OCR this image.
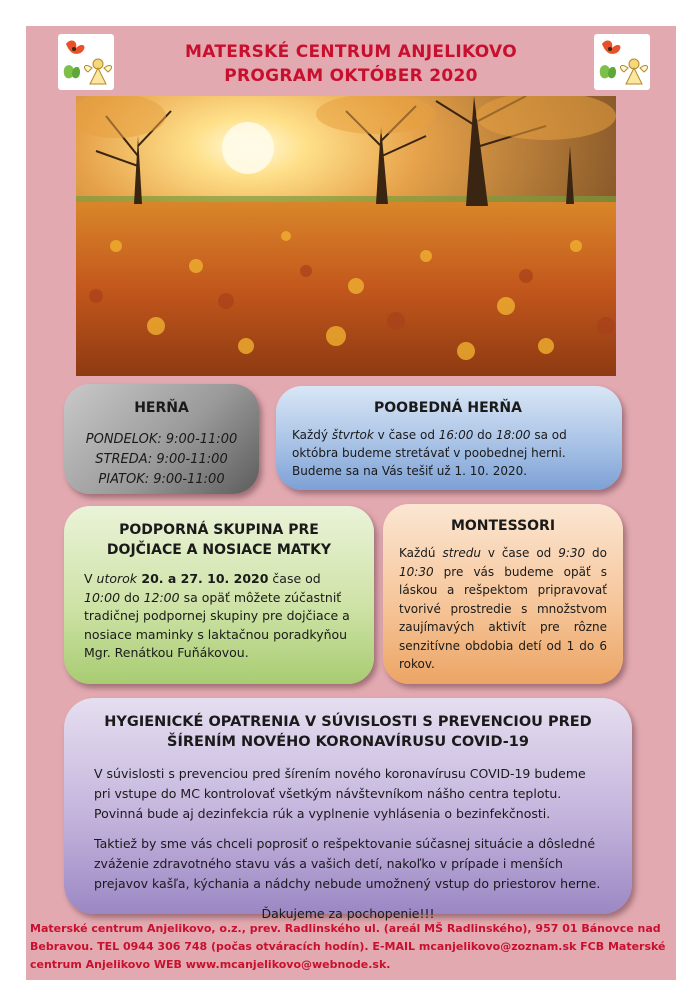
MATERSKÉ CENTRUM ANJELIKOVO
PROGRAM OKTÓBER 2020
HERŇA
PONDELOK: 9:00-11:00
STREDA: 9:00-11:00
PIATOK: 9:00-11:00
POOBEDNÁ HERŇA

Každý štvrtok v čase od 16:00 do 18:00 sa od októbra budeme stretávať v poobednej herni. Budeme sa na Vás tešiť už 1. 10. 2020.

PODPORNÁ SKUPINA PRE DOJČIACE A NOSIACE MATKY

V utorok 20. a 27. 10. 2020 čase od 10:00 do 12:00 sa opäť môžete zúčastniť tradičnej podpornej skupiny pre dojčiace a nosiace maminky s laktačnou poradkyňou Mgr. Renátkou Fuňákovou.

MONTESSORI

Každú stredu v čase od 9:30 do 10:30 pre vás budeme opäť s láskou a rešpektom pripravovať tvorivé prostredie s množstvom zaujímavých aktivít pre rôzne senzitívne obdobia detí od 1 do 6 rokov.

HYGIENICKÉ OPATRENIA V SÚVISLOSTI S PREVENCIOU PRED ŠÍRENÍM NOVÉHO KORONAVÍRUSU COVID-19

V súvislosti s prevenciou pred šírením nového koronavírusu COVID-19 budeme pri vstupe do MC kontrolovať všetkým návštevníkom nášho centra teplotu. Povinná bude aj dezinfekcia rúk a vyplnenie vyhlásenia o bezinfekčnosti.

Taktiež by sme vás chceli poprosiť o rešpektovanie súčasnej situácie a dôsledné zváženie zdravotného stavu vás a vašich detí, nakoľko v prípade i menších prejavov kašľa, kýchania a nádchy nebude umožnený vstup do priestorov herne.

Ďakujeme za pochopenie!!!

Materské centrum Anjelikovo, o.z., prev. Radlinského ul. (areál MŠ Radlinského), 957 01 Bánovce nad Bebravou. TEL 0944 306 748 (počas otváracích hodín). E-MAIL mcanjelikovo@zoznam.sk FCB Materské centrum Anjelikovo WEB www.mcanjelikovo@webnode.sk.
